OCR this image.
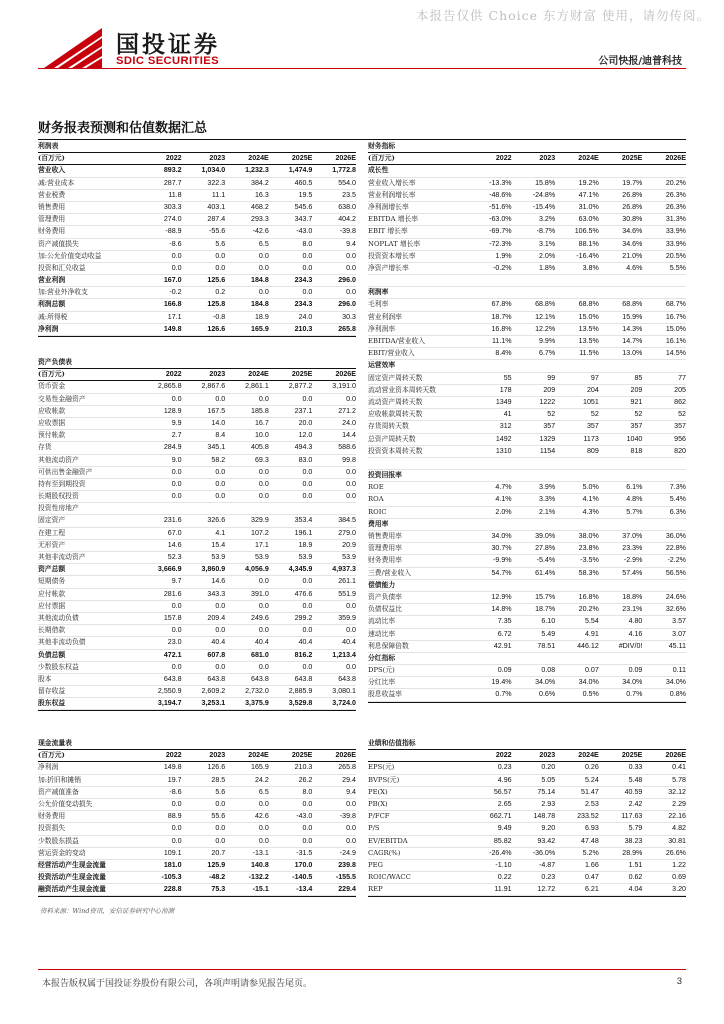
本报告仅供 Choice 东方财富 使用，请勿传阅。
国投证券
SDIC SECURITIES	公司快报/迪普科技
财务报表预测和估值数据汇总
利润表
(百万元)	2022	2023	2024E	2025E	2026E
营业收入	893.2	1,034.0	1,232.3	1,474.9	1,772.8
减:营业成本	287.7	322.3	384.2	460.5	554.0
营业税费	11.8	11.1	16.3	19.5	23.5
销售费用	303.3	403.1	468.2	545.6	638.0
管理费用	274.0	287.4	293.3	343.7	404.2
财务费用	-88.9	-55.6	-42.6	-43.0	-39.8
资产减值损失	-8.6	5.6	6.5	8.0	9.4
加:公允价值变动收益	0.0	0.0	0.0	0.0	0.0
投资和汇兑收益	0.0	0.0	0.0	0.0	0.0
营业利润	167.0	125.6	184.8	234.3	296.0
加:营业外净收支	-0.2	0.2	0.0	0.0	0.0
利润总额	166.8	125.8	184.8	234.3	296.0
减:所得税	17.1	-0.8	18.9	24.0	30.3
净利润	149.8	126.6	165.9	210.3	265.8
资产负债表
(百万元)	2022	2023	2024E	2025E	2026E
货币资金	2,865.8	2,867.6	2,861.1	2,877.2	3,191.0
交易性金融资产	0.0	0.0	0.0	0.0	0.0
应收帐款	128.9	167.5	185.8	237.1	271.2
应收票据	9.9	14.0	16.7	20.0	24.0
预付帐款	2.7	8.4	10.0	12.0	14.4
存货	284.9	345.1	405.8	494.3	588.6
其他流动资产	9.0	58.2	69.3	83.0	99.8
可供出售金融资产	0.0	0.0	0.0	0.0	0.0
持有至到期投资	0.0	0.0	0.0	0.0	0.0
长期股权投资	0.0	0.0	0.0	0.0	0.0
投资性房地产
固定资产	231.6	326.6	329.9	353.4	384.5
在建工程	67.0	4.1	107.2	196.1	279.0
无形资产	14.6	15.4	17.1	18.9	20.9
其他非流动资产	52.3	53.9	53.9	53.9	53.9
资产总额	3,666.9	3,860.9	4,056.9	4,345.9	4,937.3
短期债务	9.7	14.6	0.0	0.0	261.1
应付帐款	281.6	343.3	391.0	476.6	551.9
应付票据	0.0	0.0	0.0	0.0	0.0
其他流动负债	157.8	209.4	249.6	299.2	359.9
长期借款	0.0	0.0	0.0	0.0	0.0
其他非流动负债	23.0	40.4	40.4	40.4	40.4
负债总额	472.1	607.8	681.0	816.2	1,213.4
少数股东权益	0.0	0.0	0.0	0.0	0.0
股本	643.8	643.8	643.8	643.8	643.8
留存收益	2,550.9	2,609.2	2,732.0	2,885.9	3,080.1
股东权益	3,194.7	3,253.1	3,375.9	3,529.8	3,724.0
现金流量表
(百万元)	2022	2023	2024E	2025E	2026E
净利润	149.8	126.6	165.9	210.3	265.8
加:折旧和摊销	19.7	28.5	24.2	26.2	29.4
资产减值准备	-8.6	5.6	6.5	8.0	9.4
公允价值变动损失	0.0	0.0	0.0	0.0	0.0
财务费用	88.9	55.6	42.6	-43.0	-39.8
投资损失	0.0	0.0	0.0	0.0	0.0
少数股东损益	0.0	0.0	0.0	0.0	0.0
营运资金的变动	109.1	20.7	-13.1	-31.5	-24.9
经营活动产生现金流量	181.0	125.9	140.8	170.0	239.8
投资活动产生现金流量	-105.3	-48.2	-132.2	-140.5	-155.5
融资活动产生现金流量	228.8	75.3	-15.1	-13.4	229.4
财务指标
(百万元)	2022	2023	2024E	2025E	2026E
成长性
营业收入增长率	-13.3%	15.8%	19.2%	19.7%	20.2%
营业利润增长率	-48.6%	-24.8%	47.1%	26.8%	26.3%
净利润增长率	-51.6%	-15.4%	31.0%	26.8%	26.3%
EBITDA 增长率	-63.0%	3.2%	63.0%	30.8%	31.3%
EBIT 增长率	-69.7%	-8.7%	106.5%	34.6%	33.9%
NOPLAT 增长率	-72.3%	3.1%	88.1%	34.6%	33.9%
投资资本增长率	1.9%	2.0%	-16.4%	21.0%	20.5%
净资产增长率	-0.2%	1.8%	3.8%	4.6%	5.5%
利润率
毛利率	67.8%	68.8%	68.8%	68.8%	68.7%
营业利润率	18.7%	12.1%	15.0%	15.9%	16.7%
净利润率	16.8%	12.2%	13.5%	14.3%	15.0%
EBITDA/营业收入	11.1%	9.9%	13.5%	14.7%	16.1%
EBIT/营业收入	8.4%	6.7%	11.5%	13.0%	14.5%
运营效率
固定资产周转天数	55	99	97	85	77
流动营业资本周转天数	178	209	204	209	205
流动资产周转天数	1349	1222	1051	921	862
应收帐款周转天数	41	52	52	52	52
存货周转天数	312	357	357	357	357
总资产周转天数	1492	1329	1173	1040	956
投资资本周转天数	1310	1154	809	818	820
投资回报率
ROE	4.7%	3.9%	5.0%	6.1%	7.3%
ROA	4.1%	3.3%	4.1%	4.8%	5.4%
ROIC	2.0%	2.1%	4.3%	5.7%	6.3%
费用率
销售费用率	34.0%	39.0%	38.0%	37.0%	36.0%
管理费用率	30.7%	27.8%	23.8%	23.3%	22.8%
财务费用率	-9.9%	-5.4%	-3.5%	-2.9%	-2.2%
三费/营业收入	54.7%	61.4%	58.3%	57.4%	56.5%
偿债能力
资产负债率	12.9%	15.7%	16.8%	18.8%	24.6%
负债权益比	14.8%	18.7%	20.2%	23.1%	32.6%
流动比率	7.35	6.10	5.54	4.80	3.57
速动比率	6.72	5.49	4.91	4.16	3.07
利息保障倍数	42.91	78.51	446.12	#DIV/0!	45.11
分红指标
DPS(元)	0.09	0.08	0.07	0.09	0.11
分红比率	19.4%	34.0%	34.0%	34.0%	34.0%
股息收益率	0.7%	0.6%	0.5%	0.7%	0.8%
业绩和估值指标
2022	2023	2024E	2025E	2026E
EPS(元)	0.23	0.20	0.26	0.33	0.41
BVPS(元)	4.96	5.05	5.24	5.48	5.78
PE(X)	56.57	75.14	51.47	40.59	32.12
PB(X)	2.65	2.93	2.53	2.42	2.29
P/FCF	662.71	148.78	233.52	117.63	22.16
P/S	9.49	9.20	6.93	5.79	4.82
EV/EBITDA	85.82	93.42	47.48	38.23	30.81
CAGR(%)	-26.4%	-36.0%	5.2%	28.9%	26.6%
PEG	-1.10	-4.87	1.66	1.51	1.22
ROIC/WACC	0.22	0.23	0.47	0.62	0.69
REP	11.91	12.72	6.21	4.04	3.20
资料来源：Wind资讯，安信证券研究中心预测
本报告版权属于国投证券股份有限公司，各项声明请参见报告尾页。	3
